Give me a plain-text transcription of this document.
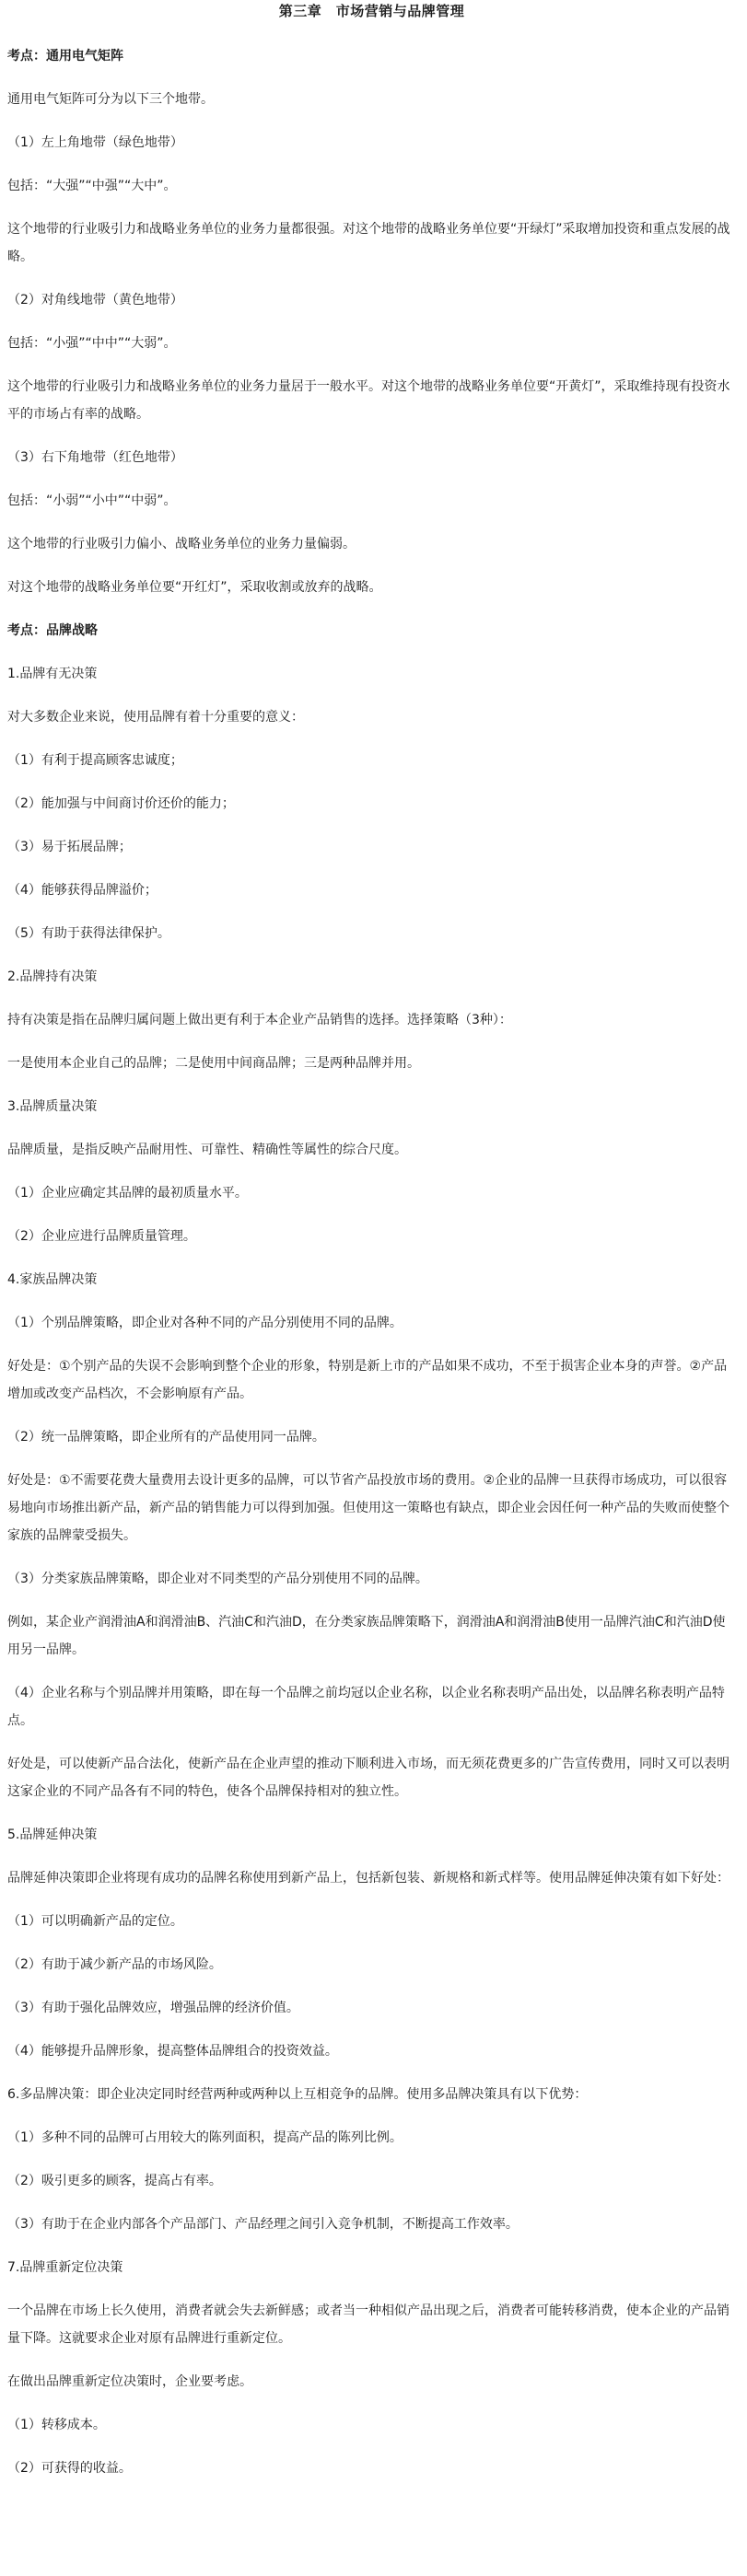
第三章　市场营销与品牌管理

考点：通用电气矩阵

通用电气矩阵可分为以下三个地带。

（1）左上角地带（绿色地带）

包括：“大强”“中强”“大中”。

这个地带的行业吸引力和战略业务单位的业务力量都很强。对这个地带的战略业务单位要“开绿灯”采取增加投资和重点发展的战略。

（2）对角线地带（黄色地带）

包括：“小强”“中中”“大弱”。

这个地带的行业吸引力和战略业务单位的业务力量居于一般水平。对这个地带的战略业务单位要“开黄灯”，采取维持现有投资水平的市场占有率的战略。

（3）右下角地带（红色地带）

包括：“小弱”“小中”“中弱”。

这个地带的行业吸引力偏小、战略业务单位的业务力量偏弱。

对这个地带的战略业务单位要“开红灯”，采取收割或放弃的战略。

考点：品牌战略

1.品牌有无决策

对大多数企业来说，使用品牌有着十分重要的意义：

（1）有利于提高顾客忠诚度；

（2）能加强与中间商讨价还价的能力；

（3）易于拓展品牌；

（4）能够获得品牌溢价；

（5）有助于获得法律保护。

2.品牌持有决策

持有决策是指在品牌归属问题上做出更有利于本企业产品销售的选择。选择策略（3种）：

一是使用本企业自己的品牌；二是使用中间商品牌；三是两种品牌并用。

3.品牌质量决策

品牌质量，是指反映产品耐用性、可靠性、精确性等属性的综合尺度。

（1）企业应确定其品牌的最初质量水平。

（2）企业应进行品牌质量管理。

4.家族品牌决策

（1）个别品牌策略，即企业对各种不同的产品分别使用不同的品牌。

好处是：①个别产品的失误不会影响到整个企业的形象，特别是新上市的产品如果不成功，不至于损害企业本身的声誉。②产品增加或改变产品档次，不会影响原有产品。

（2）统一品牌策略，即企业所有的产品使用同一品牌。

好处是：①不需要花费大量费用去设计更多的品牌，可以节省产品投放市场的费用。②企业的品牌一旦获得市场成功，可以很容易地向市场推出新产品，新产品的销售能力可以得到加强。但使用这一策略也有缺点，即企业会因任何一种产品的失败而使整个家族的品牌蒙受损失。

（3）分类家族品牌策略，即企业对不同类型的产品分别使用不同的品牌。

例如，某企业产润滑油A和润滑油B、汽油C和汽油D，在分类家族品牌策略下，润滑油A和润滑油B使用一品牌汽油C和汽油D使用另一品牌。

（4）企业名称与个别品牌并用策略，即在每一个品牌之前均冠以企业名称，以企业名称表明产品出处，以品牌名称表明产品特点。

好处是，可以使新产品合法化，使新产品在企业声望的推动下顺利进入市场，而无须花费更多的广告宣传费用，同时又可以表明这家企业的不同产品各有不同的特色，使各个品牌保持相对的独立性。

5.品牌延伸决策

品牌延伸决策即企业将现有成功的品牌名称使用到新产品上，包括新包装、新规格和新式样等。使用品牌延伸决策有如下好处：

（1）可以明确新产品的定位。

（2）有助于减少新产品的市场风险。

（3）有助于强化品牌效应，增强品牌的经济价值。

（4）能够提升品牌形象，提高整体品牌组合的投资效益。

6.多品牌决策：即企业决定同时经营两种或两种以上互相竞争的品牌。使用多品牌决策具有以下优势：

（1）多种不同的品牌可占用较大的陈列面积，提高产品的陈列比例。

（2）吸引更多的顾客，提高占有率。

（3）有助于在企业内部各个产品部门、产品经理之间引入竞争机制，不断提高工作效率。

7.品牌重新定位决策

一个品牌在市场上长久使用，消费者就会失去新鲜感；或者当一种相似产品出现之后，消费者可能转移消费，使本企业的产品销量下降。这就要求企业对原有品牌进行重新定位。

在做出品牌重新定位决策时，企业要考虑。

（1）转移成本。

（2）可获得的收益。
